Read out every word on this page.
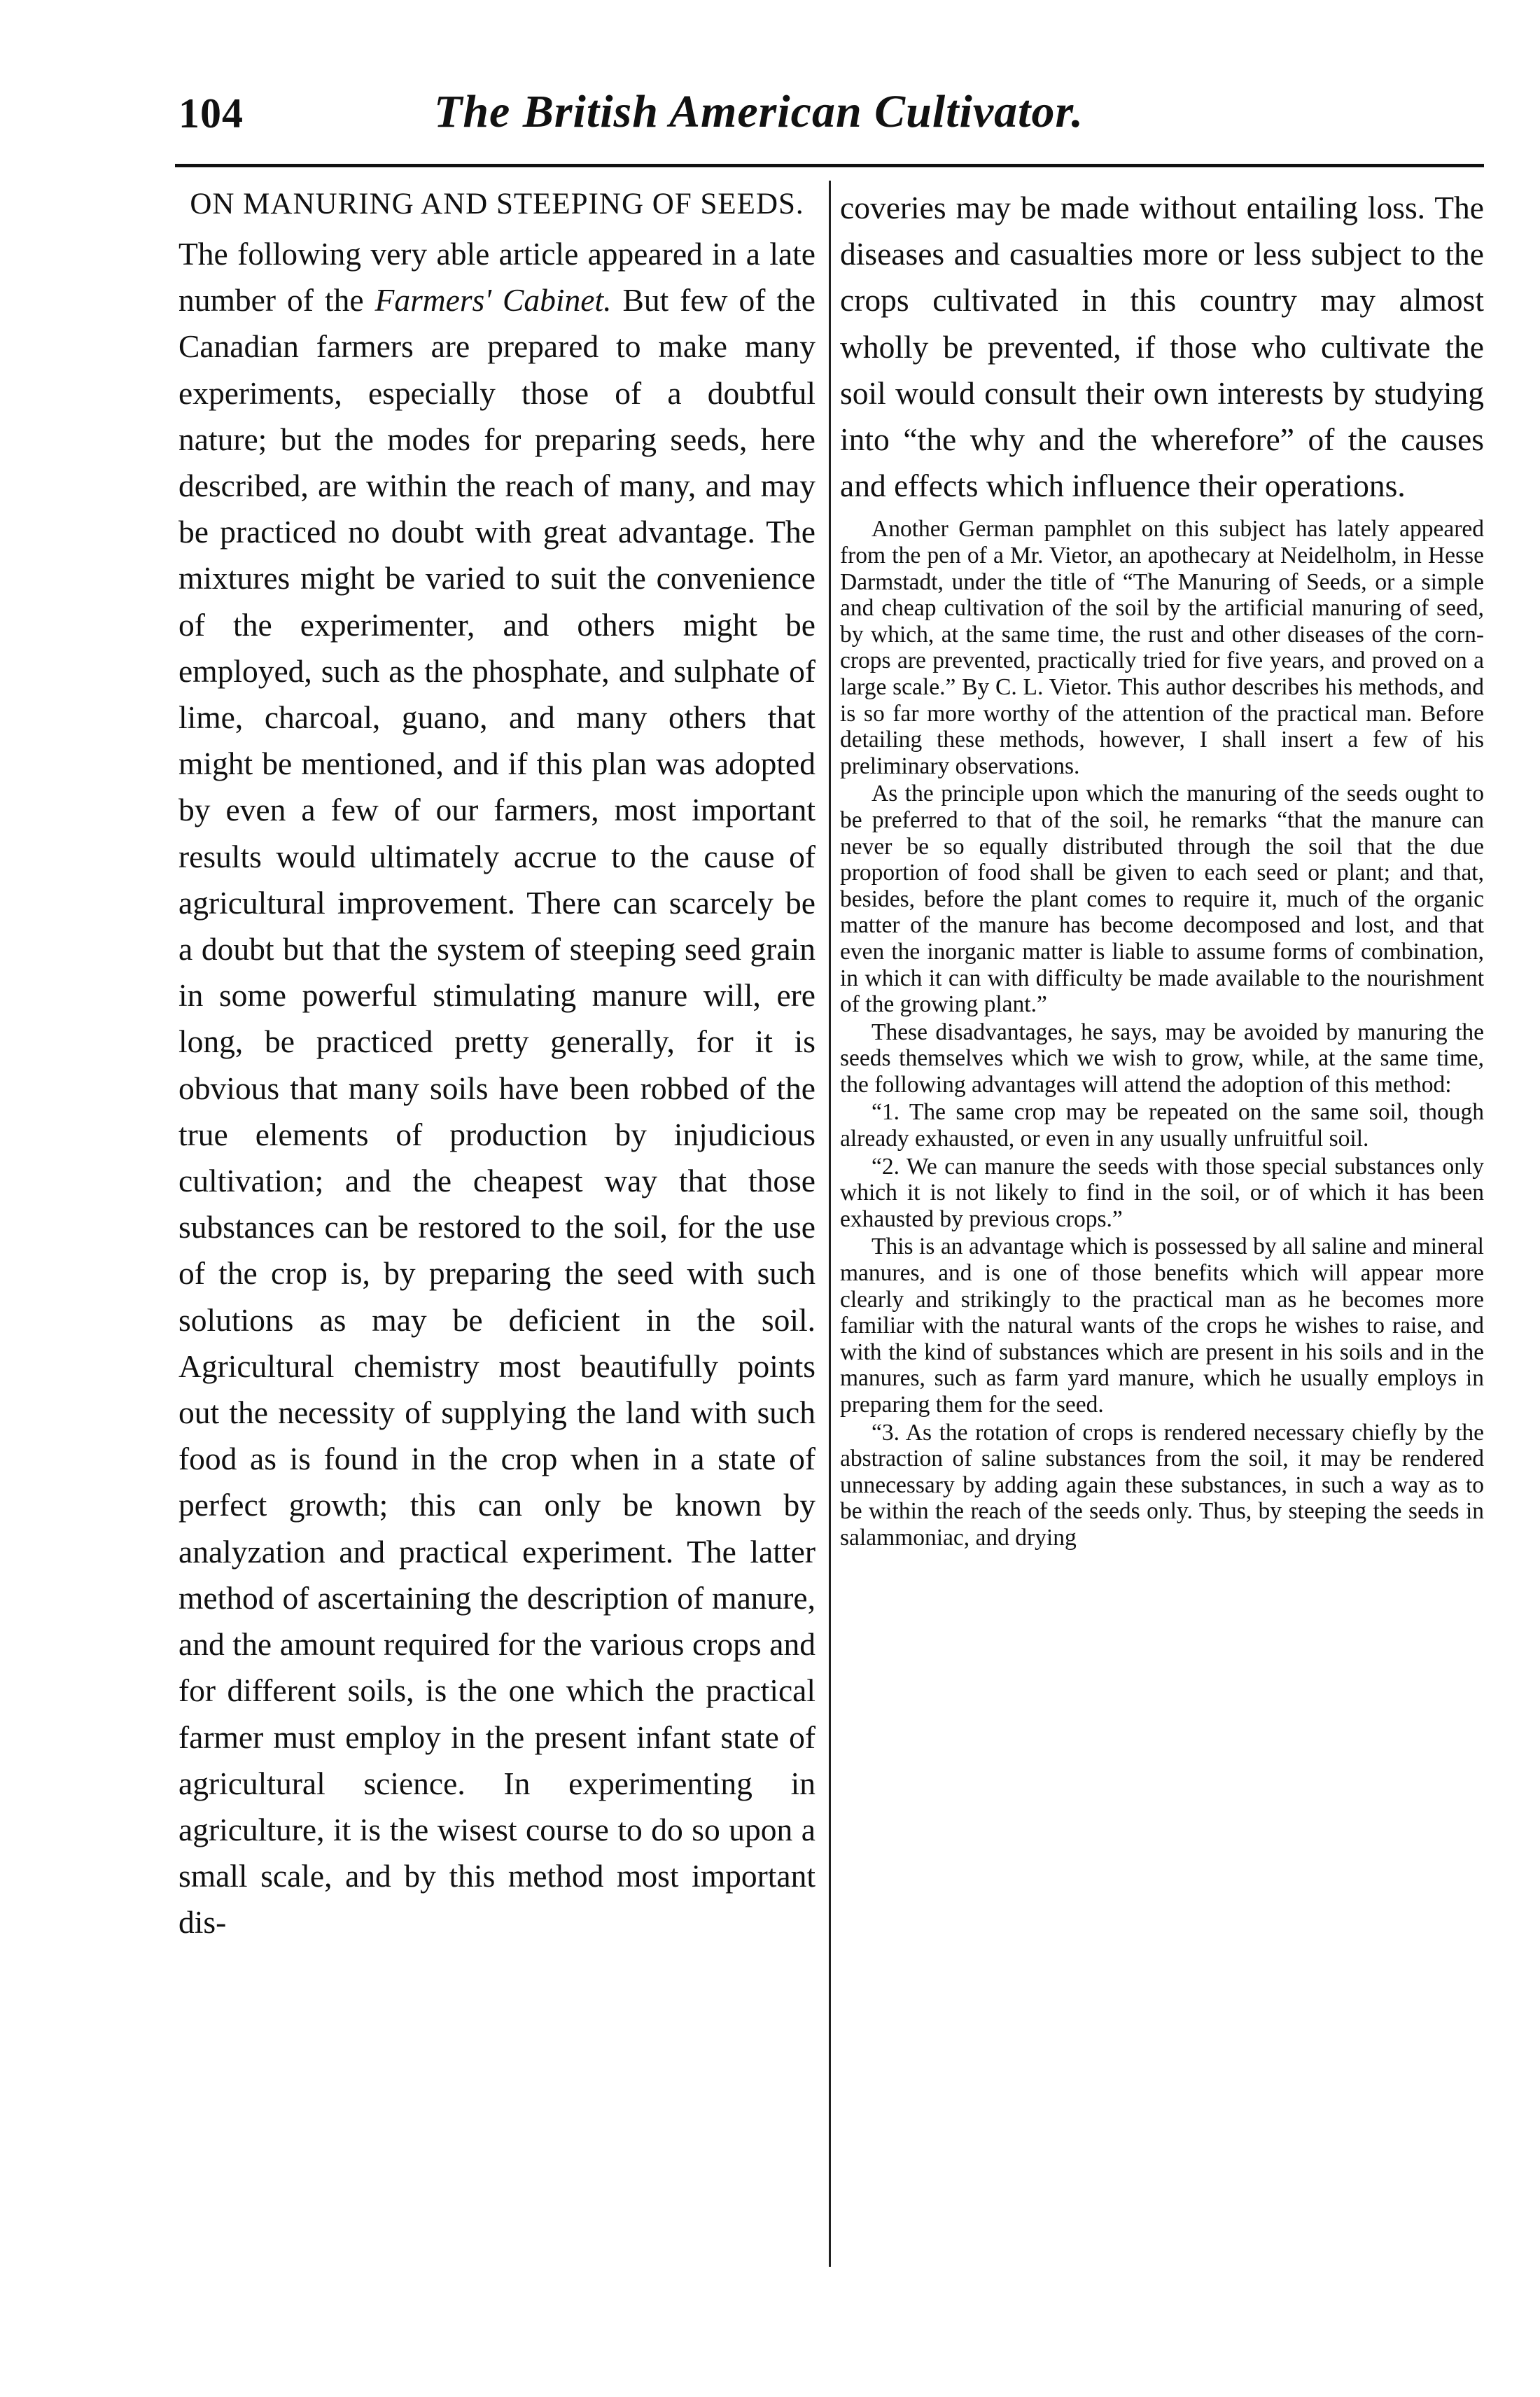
104	The British American Cultivator.
ON MANURING AND STEEPING OF SEEDS.

The following very able article appeared in a late number of the Farmers' Cabinet. But few of the Canadian farmers are prepared to make many experiments, especially those of a doubtful nature; but the modes for preparing seeds, here described, are within the reach of many, and may be practiced no doubt with great advantage. The mixtures might be varied to suit the convenience of the experimenter, and others might be employed, such as the phosphate, and sulphate of lime, charcoal, guano, and many others that might be mentioned, and if this plan was adopted by even a few of our farmers, most important results would ultimately accrue to the cause of agricultural improvement. There can scarcely be a doubt but that the system of steeping seed grain in some powerful stimulating manure will, ere long, be practiced pretty generally, for it is obvious that many soils have been robbed of the true elements of production by injudicious cultivation; and the cheapest way that those substances can be restored to the soil, for the use of the crop is, by preparing the seed with such solutions as may be deficient in the soil. Agricultural chemistry most beautifully points out the necessity of supplying the land with such food as is found in the crop when in a state of perfect growth; this can only be known by analyzation and practical experiment. The latter method of ascertaining the description of manure, and the amount required for the various crops and for different soils, is the one which the practical farmer must employ in the present infant state of agricultural science. In experimenting in agriculture, it is the wisest course to do so upon a small scale, and by this method most important dis-

coveries may be made without entailing loss. The diseases and casualties more or less subject to the crops cultivated in this country may almost wholly be prevented, if those who cultivate the soil would consult their own interests by studying into “the why and the wherefore” of the causes and effects which influence their operations.

Another German pamphlet on this subject has lately appeared from the pen of a Mr. Vietor, an apothecary at Neidelholm, in Hesse Darmstadt, under the title of “The Manuring of Seeds, or a simple and cheap cultivation of the soil by the artificial manuring of seed, by which, at the same time, the rust and other diseases of the corn-crops are prevented, practically tried for five years, and proved on a large scale.” By C. L. Vietor. This author describes his methods, and is so far more worthy of the attention of the practical man. Before detailing these methods, however, I shall insert a few of his preliminary observations.

As the principle upon which the manuring of the seeds ought to be preferred to that of the soil, he remarks “that the manure can never be so equally distributed through the soil that the due proportion of food shall be given to each seed or plant; and that, besides, before the plant comes to require it, much of the organic matter of the manure has become decomposed and lost, and that even the inorganic matter is liable to assume forms of combination, in which it can with difficulty be made available to the nourishment of the growing plant.”

These disadvantages, he says, may be avoided by manuring the seeds themselves which we wish to grow, while, at the same time, the following advantages will attend the adoption of this method:

“1. The same crop may be repeated on the same soil, though already exhausted, or even in any usually unfruitful soil.

“2. We can manure the seeds with those special substances only which it is not likely to find in the soil, or of which it has been exhausted by previous crops.”

This is an advantage which is possessed by all saline and mineral manures, and is one of those benefits which will appear more clearly and strikingly to the practical man as he becomes more familiar with the natural wants of the crops he wishes to raise, and with the kind of substances which are present in his soils and in the manures, such as farm yard manure, which he usually employs in preparing them for the seed.

“3. As the rotation of crops is rendered necessary chiefly by the abstraction of saline substances from the soil, it may be rendered unnecessary by adding again these substances, in such a way as to be within the reach of the seeds only. Thus, by steeping the seeds in salammoniac, and drying
